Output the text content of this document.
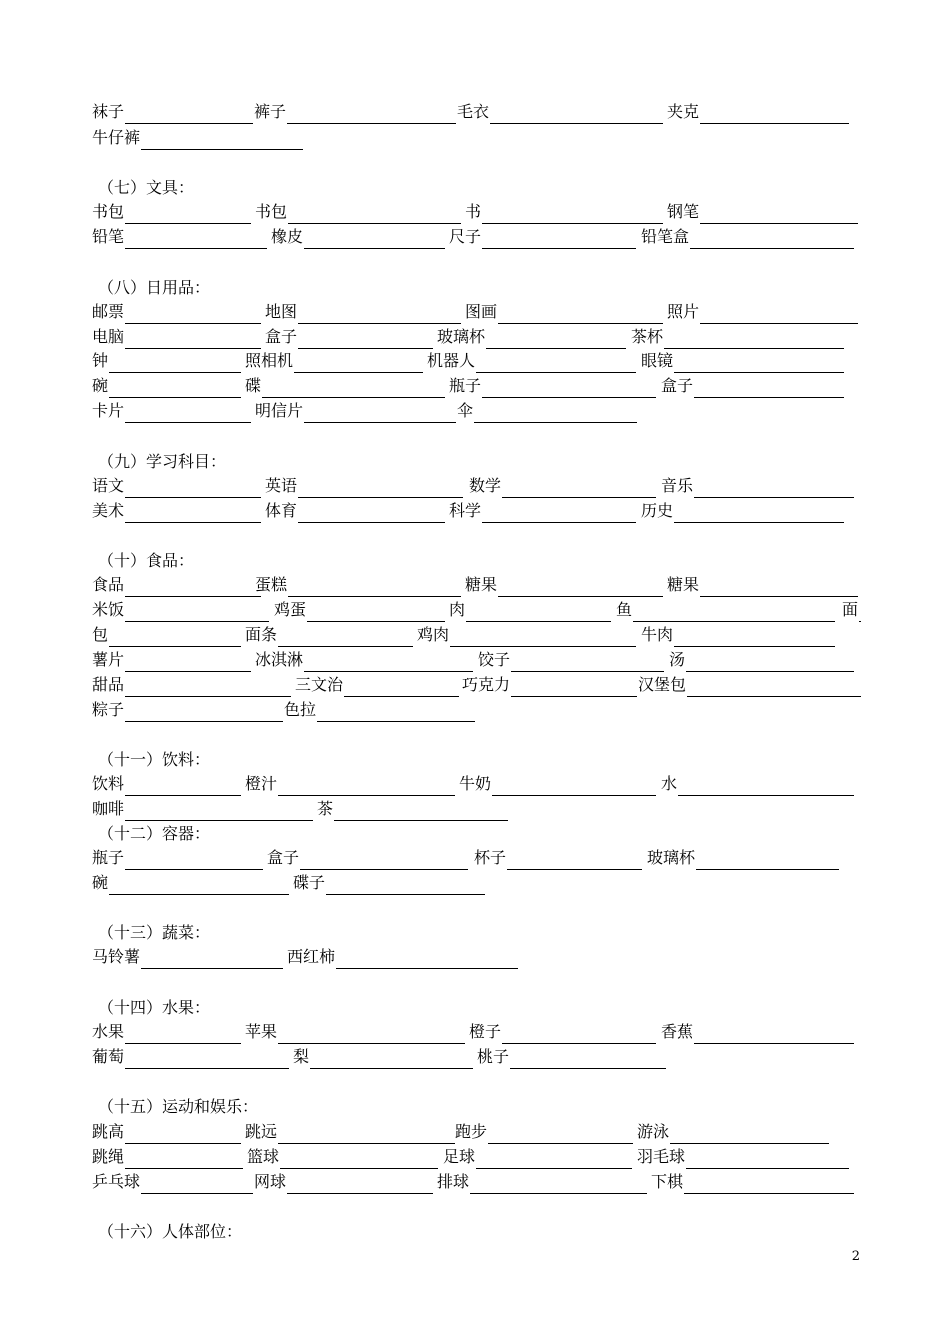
袜子	裤子	毛衣	夹克
牛仔裤
（七）文具：
书包	书包	书	钢笔
铅笔	橡皮	尺子	铅笔盒
（八）日用品：
邮票	地图	图画	照片
电脑	盒子	玻璃杯	茶杯
钟	照相机	机器人	眼镜
碗	碟	瓶子	盒子
卡片	明信片	伞
（九）学习科目：
语文	英语	数学	音乐
美术	体育	科学	历史
（十）食品：
食品	蛋糕	糖果	糖果
米饭	鸡蛋	肉	鱼	面
包	面条	鸡肉	牛肉
薯片	冰淇淋	饺子	汤
甜品	三文治	巧克力	汉堡包
粽子	色拉
（十一）饮料：
饮料	橙汁	牛奶	水
咖啡	茶
（十二）容器：
瓶子	盒子	杯子	玻璃杯
碗	碟子
（十三）蔬菜：
马铃薯	西红柿
（十四）水果：
水果	苹果	橙子	香蕉
葡萄	梨	桃子
（十五）运动和娱乐：
跳高	跳远	跑步	游泳
跳绳	篮球	足球	羽毛球
乒乓球	网球	排球	下棋
（十六）人体部位：
2
